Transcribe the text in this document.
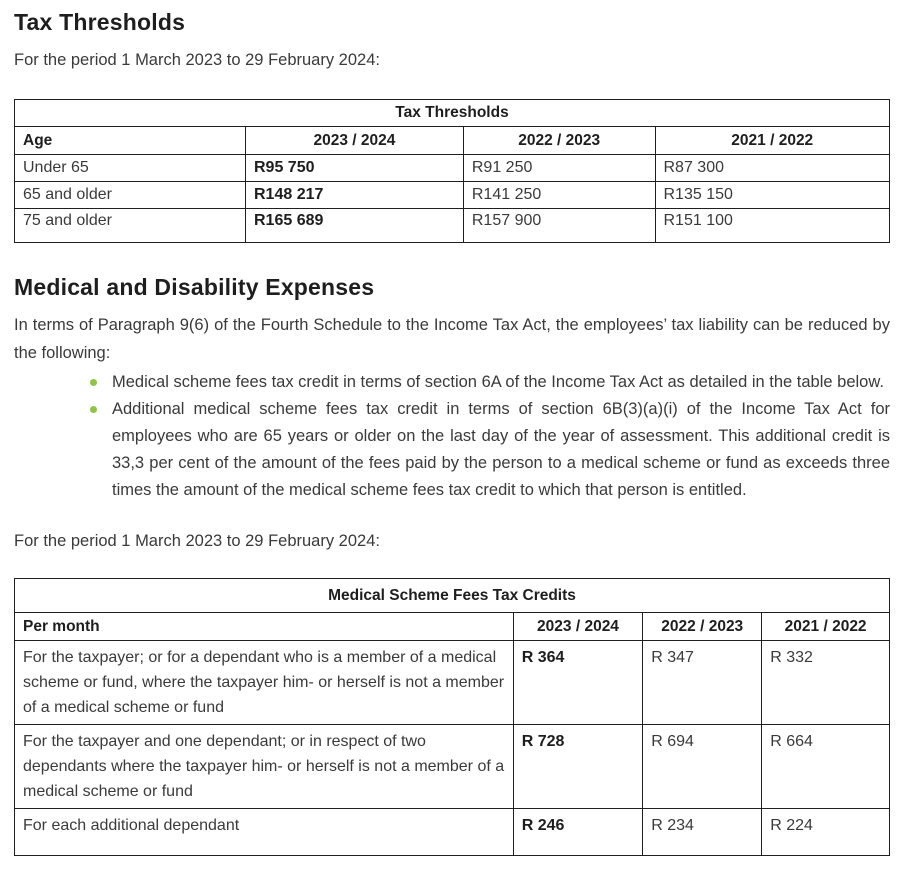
Tax Thresholds

For the period 1 March 2023 to 29 February 2024:

Tax Thresholds			
Age	2023 / 2024	2022 / 2023	2021 / 2022
Under 65	R95 750	R91 250	R87 300
65 and older	R148 217	R141 250	R135 150
75 and older	R165 689	R157 900	R151 100
Medical and Disability Expenses

In terms of Paragraph 9(6) of the Fourth Schedule to the Income Tax Act, the employees’ tax liability can be reduced by the following:

Medical scheme fees tax credit in terms of section 6A of the Income Tax Act as detailed in the table below.
Additional medical scheme fees tax credit in terms of section 6B(3)(a)(i) of the Income Tax Act for employees who are 65 years or older on the last day of the year of assessment. This additional credit is 33,3 per cent of the amount of the fees paid by the person to a medical scheme or fund as exceeds three times the amount of the medical scheme fees tax credit to which that person is entitled.

For the period 1 March 2023 to 29 February 2024:

Medical Scheme Fees Tax Credits			
Per month	2023 / 2024	2022 / 2023	2021 / 2022
For the taxpayer; or for a dependant who is a member of a medical scheme or fund, where the taxpayer him- or herself is not a member of a medical scheme or fund	R 364	R 347	R 332
For the taxpayer and one dependant; or in respect of two dependants where the taxpayer him- or herself is not a member of a medical scheme or fund	R 728	R 694	R 664
For each additional dependant	R 246	R 234	R 224
